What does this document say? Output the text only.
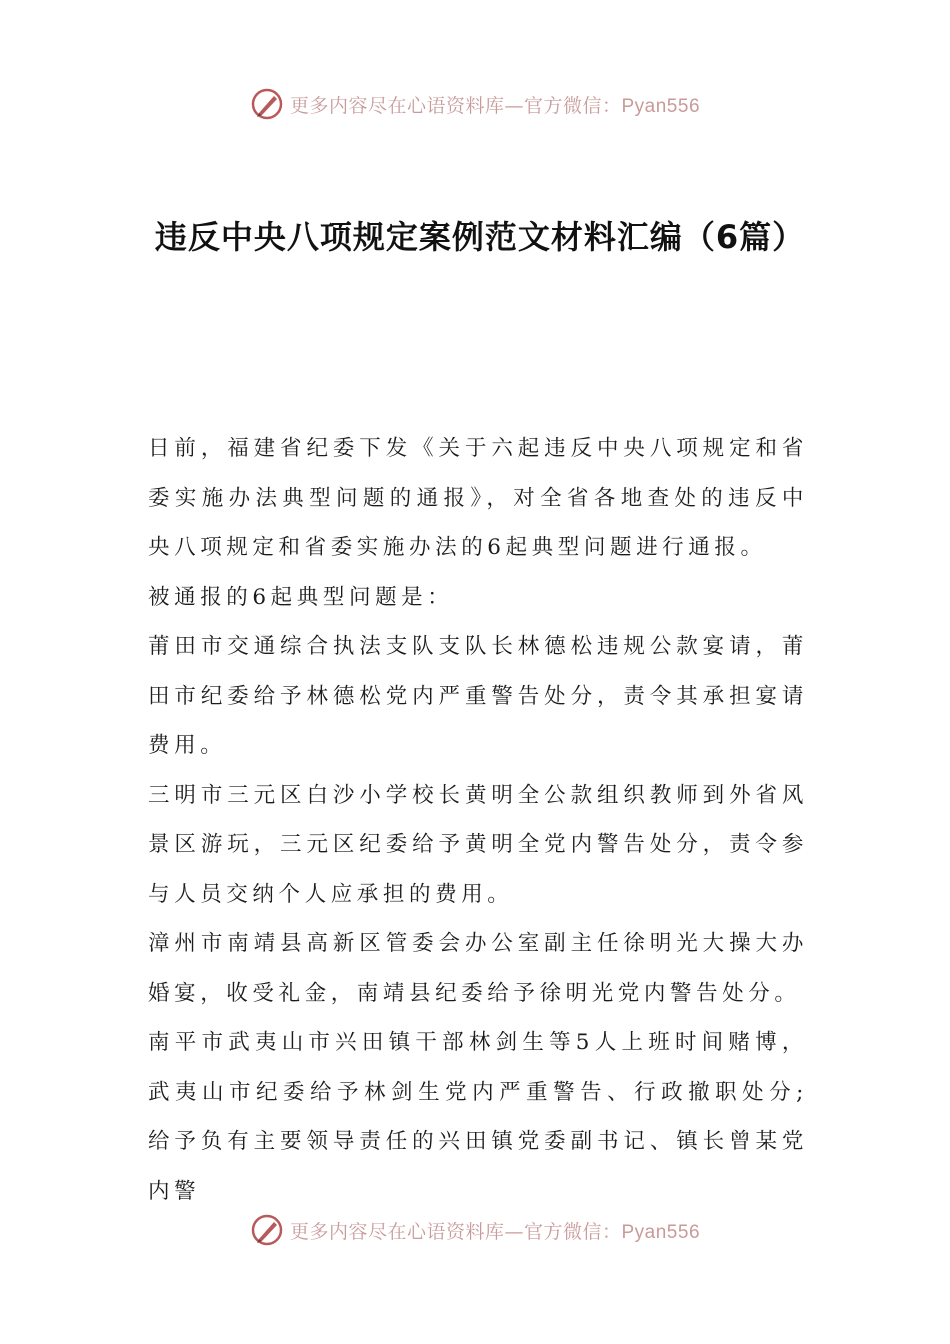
更多内容尽在心语资料库—官方微信：Pyan556
违反中央八项规定案例范文材料汇编（6篇）

日前，福建省纪委下发《关于六起违反中央八项规定和省委实施办法典型问题的通报》，对全省各地查处的违反中央八项规定和省委实施办法的6起典型问题进行通报。

被通报的6起典型问题是：

莆田市交通综合执法支队支队长林德松违规公款宴请，莆田市纪委给予林德松党内严重警告处分，责令其承担宴请费用。

三明市三元区白沙小学校长黄明全公款组织教师到外省风景区游玩，三元区纪委给予黄明全党内警告处分，责令参与人员交纳个人应承担的费用。

漳州市南靖县高新区管委会办公室副主任徐明光大操大办婚宴，收受礼金，南靖县纪委给予徐明光党内警告处分。

南平市武夷山市兴田镇干部林剑生等5人上班时间赌博，武夷山市纪委给予林剑生党内严重警告、行政撤职处分;给予负有主要领导责任的兴田镇党委副书记、镇长曾某党内警

更多内容尽在心语资料库—官方微信：Pyan556
